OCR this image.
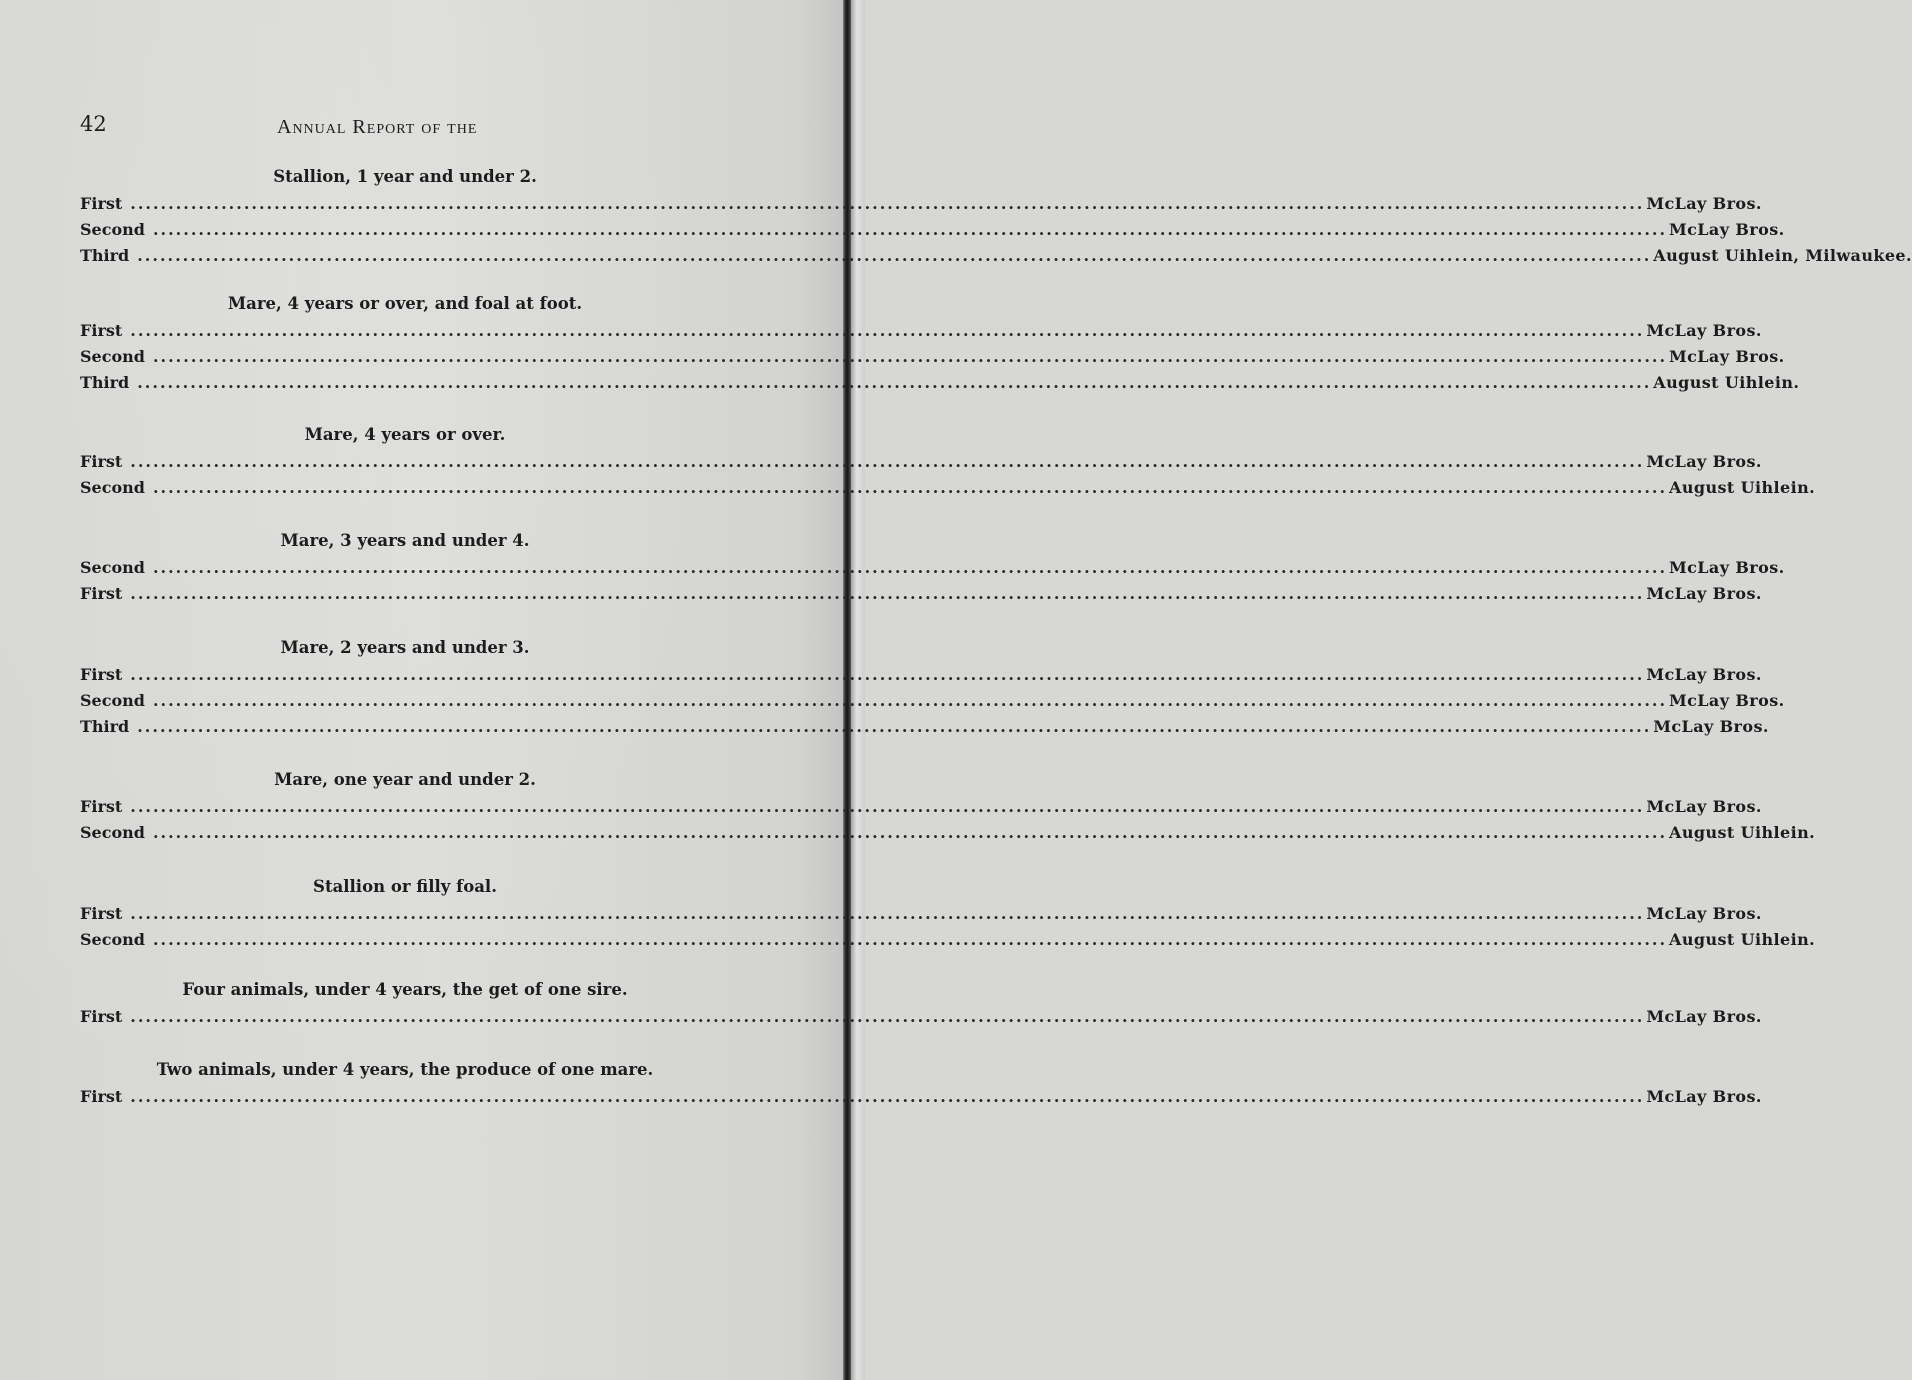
42	Annual Report of the
Stallion, 1 year and under 2.
First ........................................................................................................................................................................................................ McLay Bros.
Second ........................................................................................................................................................................................................ McLay Bros.
Third ........................................................................................................................................................................................................ August Uihlein, Milwaukee.
Mare, 4 years or over, and foal at foot.
First ........................................................................................................................................................................................................ McLay Bros.
Second ........................................................................................................................................................................................................ McLay Bros.
Third ........................................................................................................................................................................................................ August Uihlein.
Mare, 4 years or over.
First ........................................................................................................................................................................................................ McLay Bros.
Second ........................................................................................................................................................................................................ August Uihlein.
Mare, 3 years and under 4.
Second ........................................................................................................................................................................................................ McLay Bros.
First ........................................................................................................................................................................................................ McLay Bros.
Mare, 2 years and under 3.
First ........................................................................................................................................................................................................ McLay Bros.
Second ........................................................................................................................................................................................................ McLay Bros.
Third ........................................................................................................................................................................................................ McLay Bros.
Mare, one year and under 2.
First ........................................................................................................................................................................................................ McLay Bros.
Second ........................................................................................................................................................................................................ August Uihlein.
Stallion or filly foal.
First ........................................................................................................................................................................................................ McLay Bros.
Second ........................................................................................................................................................................................................ August Uihlein.
Four animals, under 4 years, the get of one sire.
First ........................................................................................................................................................................................................ McLay Bros.
Two animals, under 4 years, the produce of one mare.
First ........................................................................................................................................................................................................ McLay Bros.
